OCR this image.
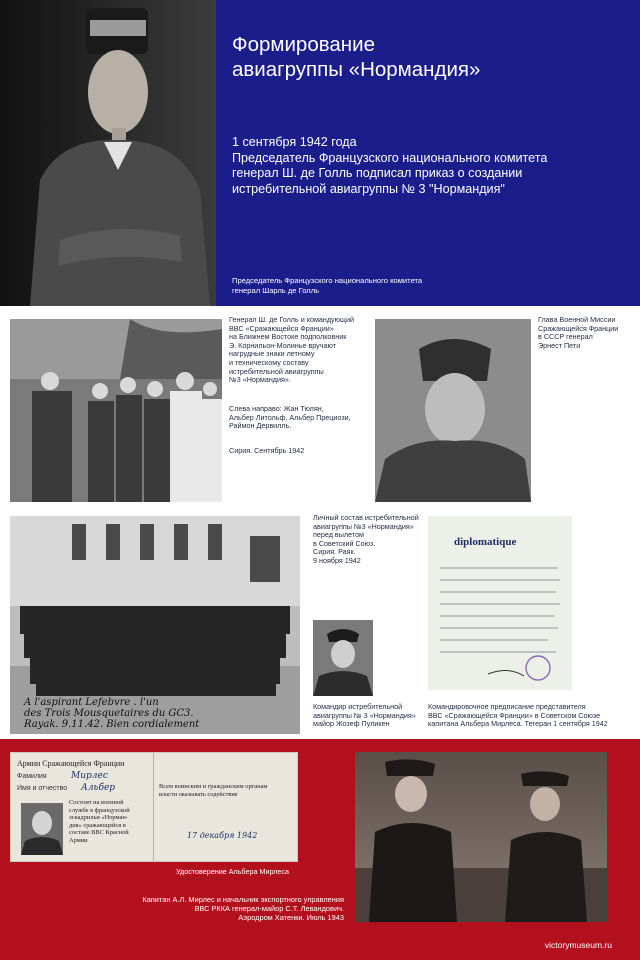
Формирование
авиагруппы «Нормандия»
1 сентября 1942 года
Председатель Французского национального комитета
генерал Ш. де Голль подписал приказ о создании
истребительной авиагруппы № 3 "Нормандия"
Председатель Французского национального комитета
генерал Шарль де Голль
Генерал Ш. де Голль и командующий
ВВС «Сражающейся Франции»
на Ближнем Востоке подполковник
Э. Корнильон-Молинье вручают
нагрудные знаки летному
и техническому составу
истребительной авиагруппы
№3 «Нормандия».
Слева направо: Жан Тюлян,
Альбер Литольф, Альбер Прециози,
Раймон Дервилль.
Сирия. Сентябрь 1942
Глава Военной Миссии
Сражающейся Франции
в СССР генерал
Эрнест Пети
A l'aspirant Lefebvre . l'un
des Trois Mousquetaires du GC3.
Rayak. 9.11.42. Bien cordialement
Личный состав истребительной
авиагруппы №3 «Нормандия»
перед вылетом
в Советский Союз.
Сирия. Раяк.
9 ноября 1942
Командир истребительной
авиагруппы № 3 «Нормандия»
майор Жозеф Пуликен
diplomatique
Командировочное предписание представителя
ВВС «Сражающейся Франции» в Советском Союзе
капитана Альбера Мирлеса. Тегеран 1 сентября 1942
Армии Сражающейся Франции
Фамилия	Мирлес
Имя и отчество Альбер
Состоит на военной
службе в французской
эскадрильи «Норман-
дия» сражающейся в
составе ВВС Красной
Армии
Всем воинским и гражданским органам
власти оказывать содействие
17 декабря 1942
Удостоверение Альбера Мирлеса
Капитан А.Л. Мирлес и начальник экспортного управления
ВВС РККА генерал-майор С.Т. Левандович.
Аэродром Хатенки. Июль 1943
victorymuseum.ru
